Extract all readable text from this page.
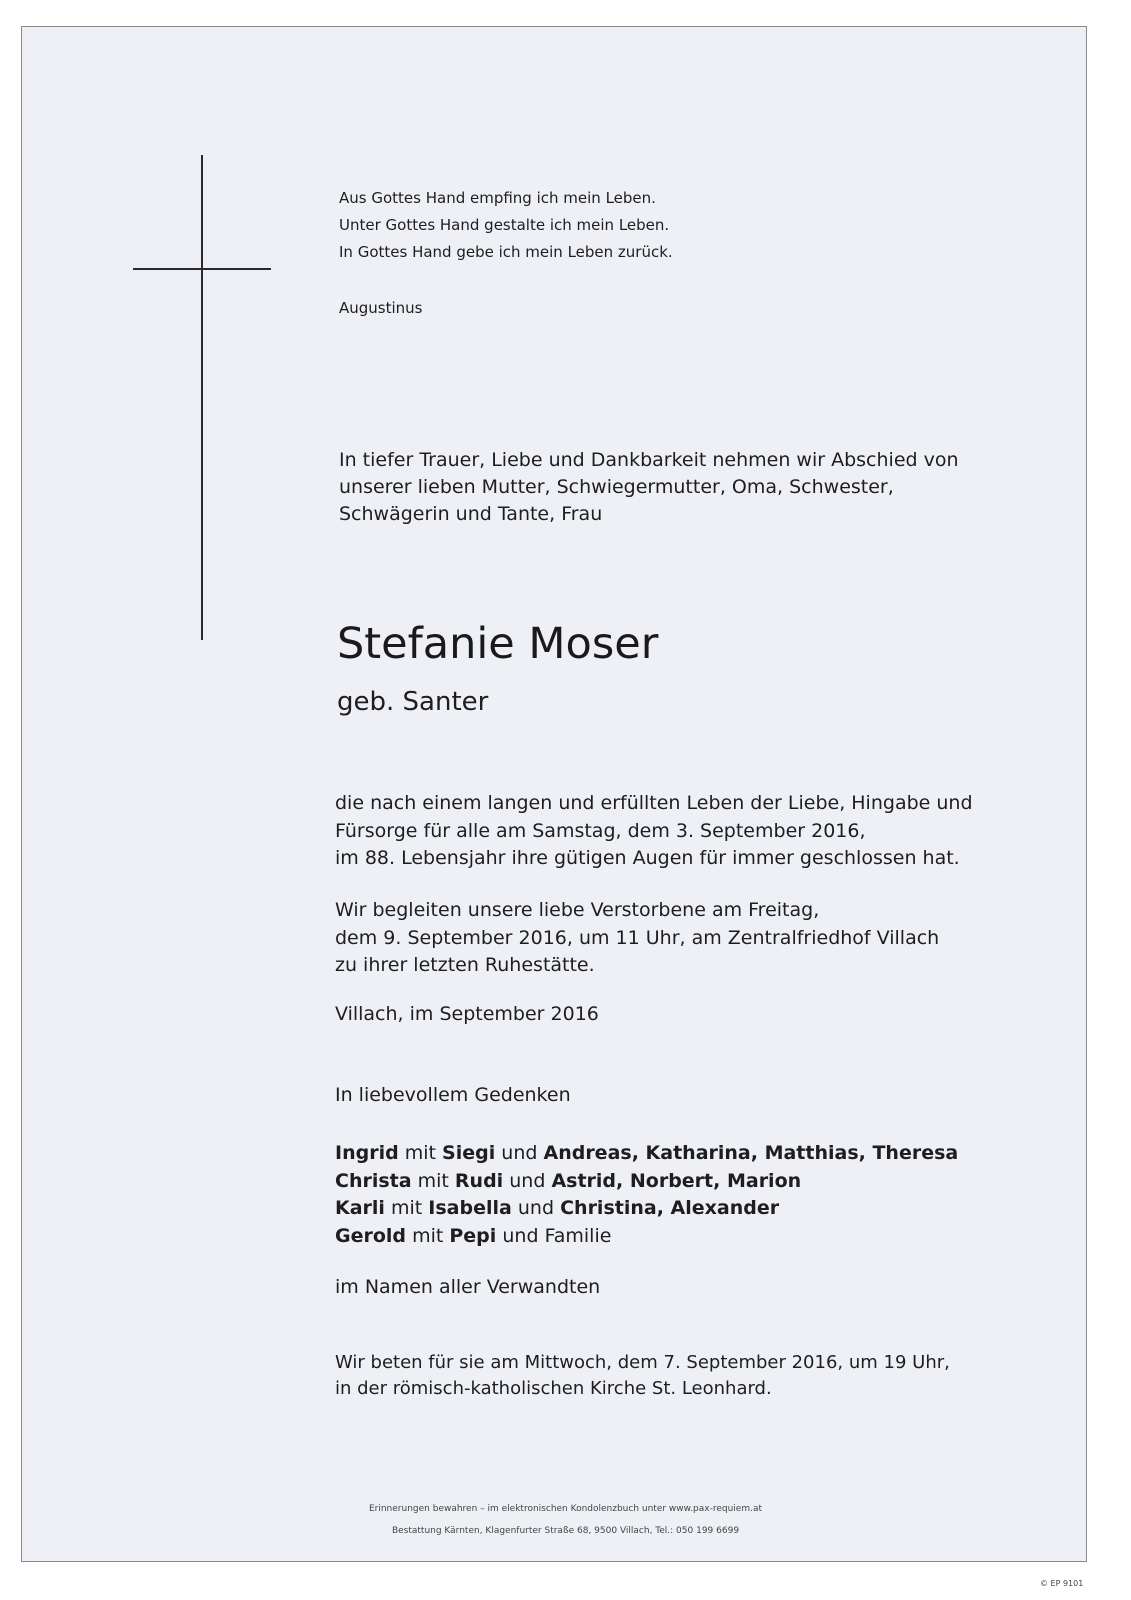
Aus Gottes Hand empfing ich mein Leben.

Unter Gottes Hand gestalte ich mein Leben.

In Gottes Hand gebe ich mein Leben zurück.

Augustinus
In tiefer Trauer, Liebe und Dankbarkeit nehmen wir Abschied von
unserer lieben Mutter, Schwiegermutter, Oma, Schwester,
Schwägerin und Tante, Frau
Stefanie Moser
geb. Santer

die nach einem langen und erfüllten Leben der Liebe, Hingabe und

Fürsorge für alle am Samstag, dem 3. September 2016,

im 88. Lebensjahr ihre gütigen Augen für immer geschlossen hat.

Wir begleiten unsere liebe Verstorbene am Freitag,

dem 9. September 2016, um 11 Uhr, am Zentralfriedhof Villach

zu ihrer letzten Ruhestätte.

Villach, im September 2016
In liebevollem Gedenken

Ingrid mit Siegi und Andreas, Katharina, Matthias, Theresa

Christa mit Rudi und Astrid, Norbert, Marion

Karli mit Isabella und Christina, Alexander

Gerold mit Pepi und Familie

im Namen aller Verwandten

Wir beten für sie am Mittwoch, dem 7. September 2016, um 19 Uhr,

in der römisch-katholischen Kirche St. Leonhard.

Erinnerungen bewahren – im elektronischen Kondolenzbuch unter www.pax-requiem.at
Bestattung Kärnten, Klagenfurter Straße 68, 9500 Villach, Tel.: 050 199 6699
© EP 9101
